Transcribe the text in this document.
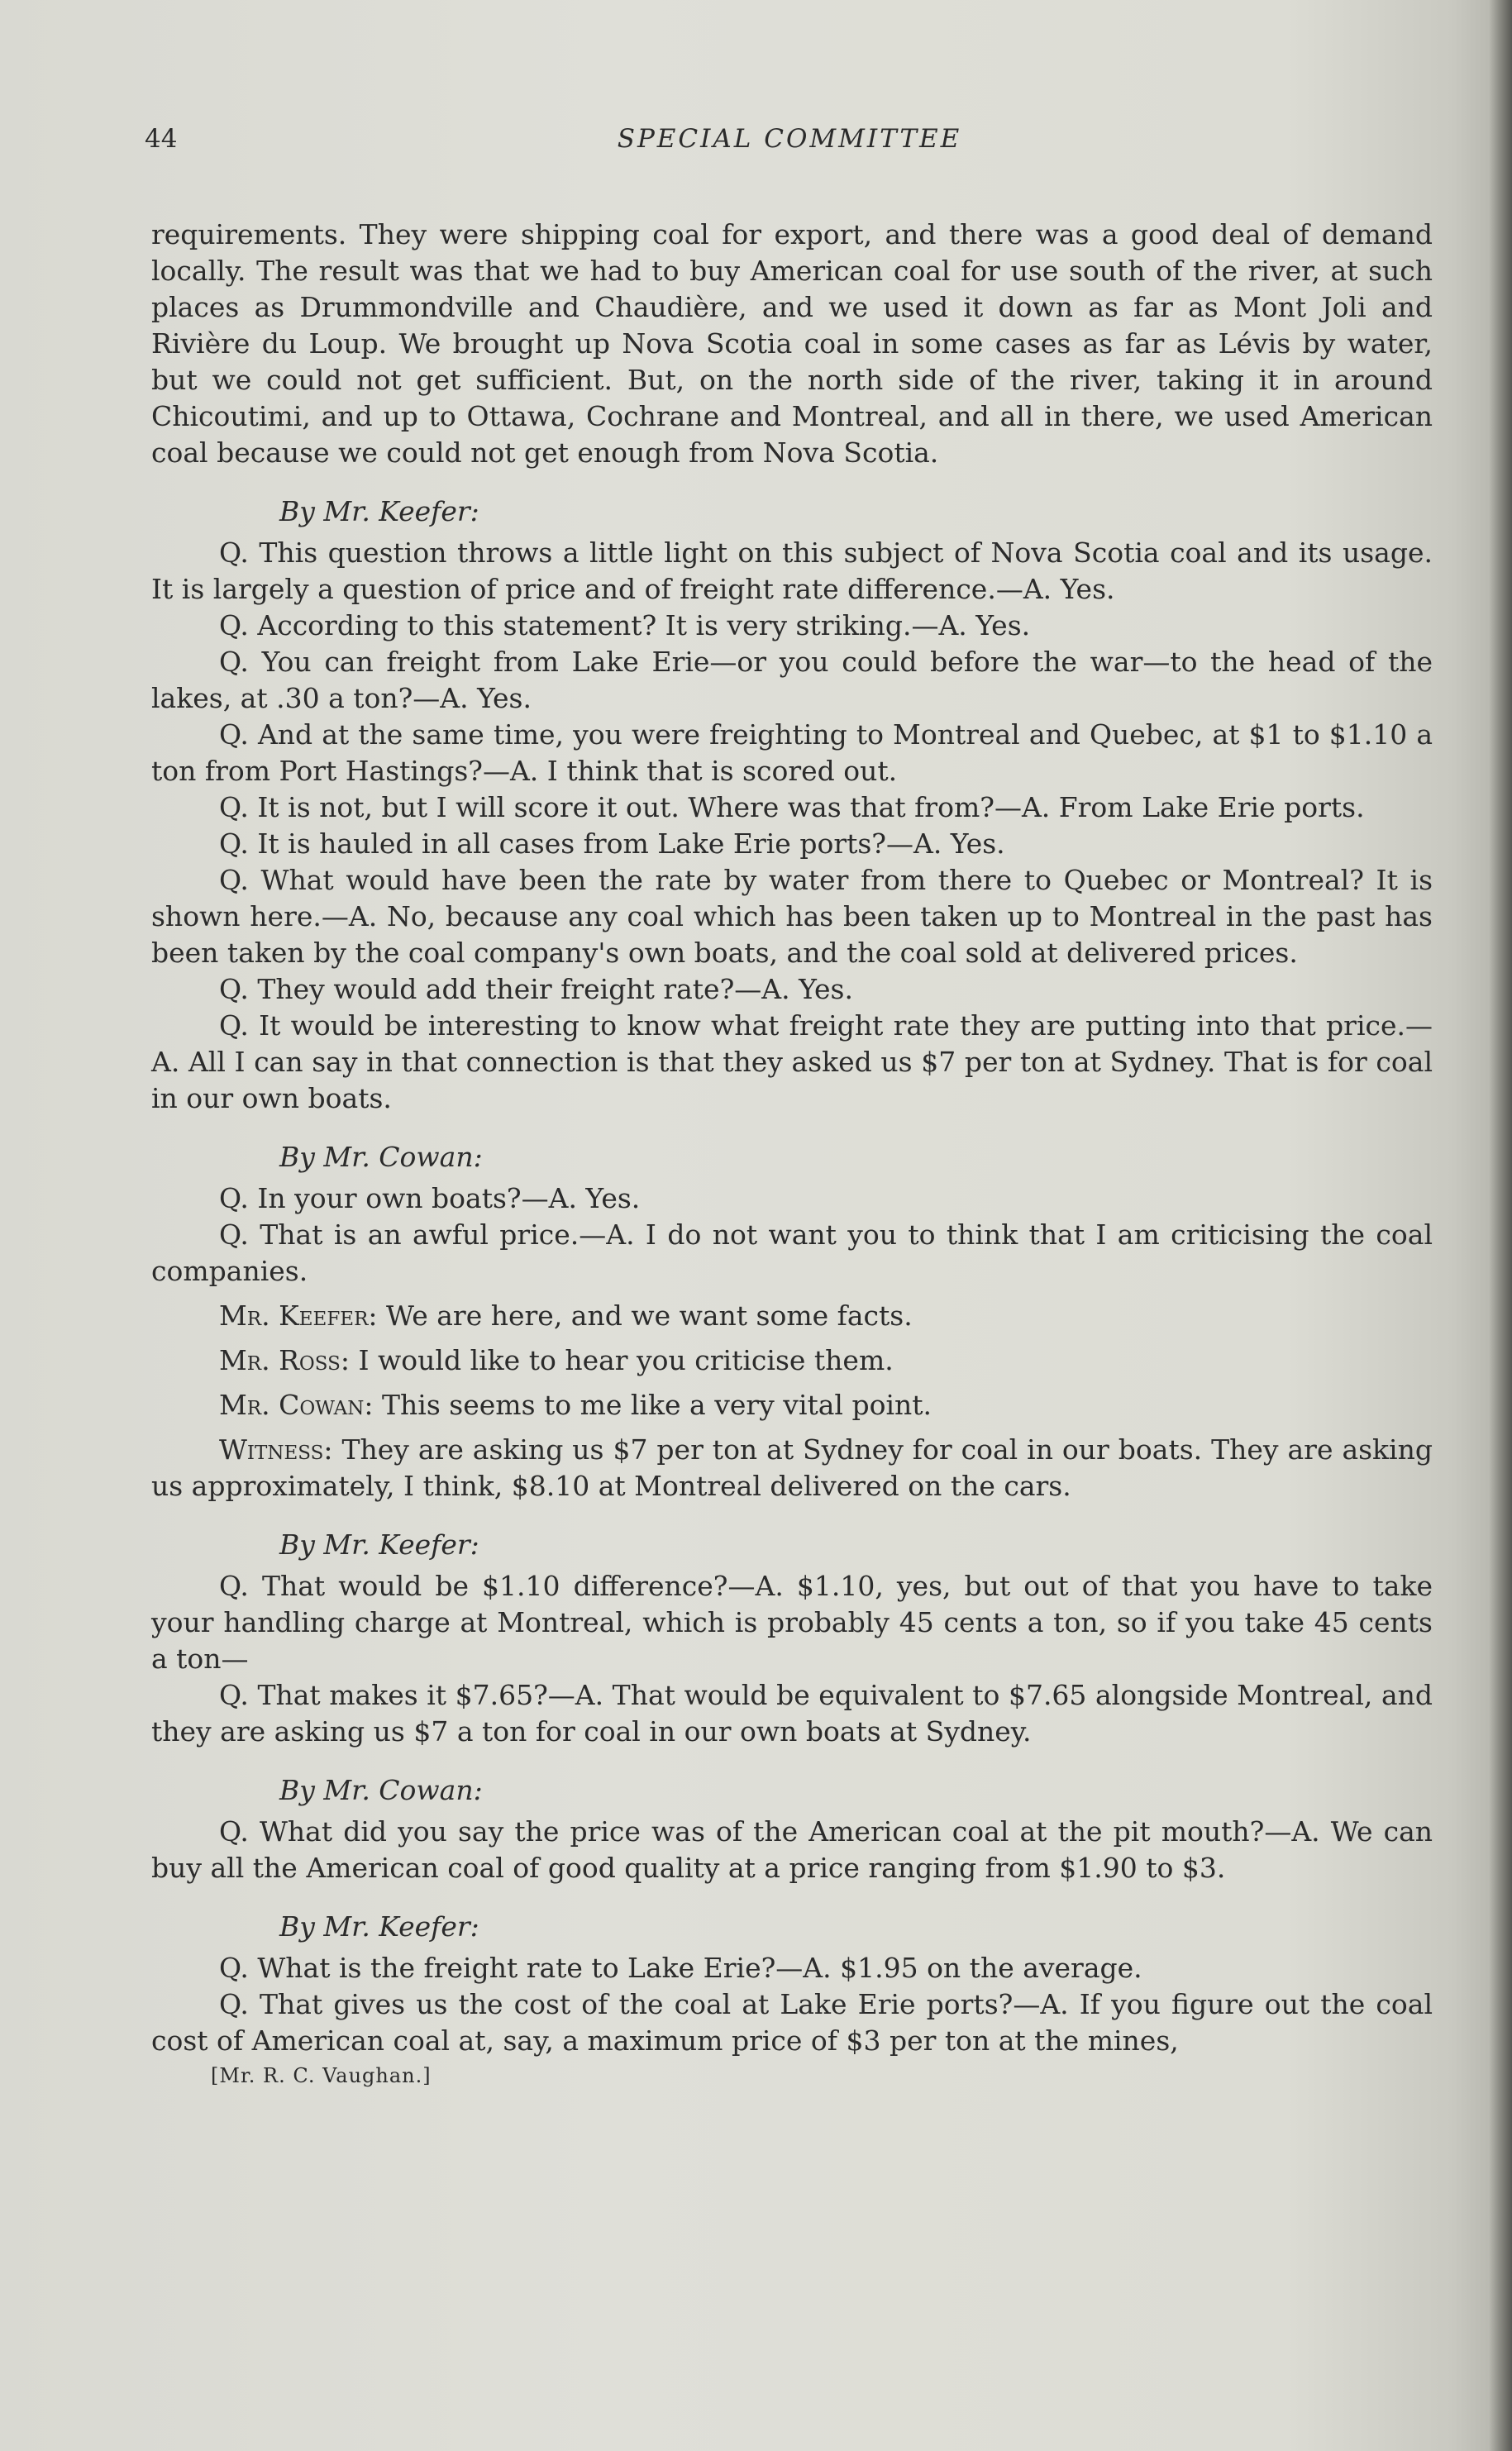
44	SPECIAL COMMITTEE

requirements. They were shipping coal for export, and there was a good deal of demand locally. The result was that we had to buy American coal for use south of the river, at such places as Drummondville and Chaudière, and we used it down as far as Mont Joli and Rivière du Loup. We brought up Nova Scotia coal in some cases as far as Lévis by water, but we could not get sufficient. But, on the north side of the river, taking it in around Chicoutimi, and up to Ottawa, Cochrane and Montreal, and all in there, we used American coal because we could not get enough from Nova Scotia.

By Mr. Keefer:

Q. This question throws a little light on this subject of Nova Scotia coal and its usage. It is largely a question of price and of freight rate difference.—A. Yes.

Q. According to this statement? It is very striking.—A. Yes.

Q. You can freight from Lake Erie—or you could before the war—to the head of the lakes, at .30 a ton?—A. Yes.

Q. And at the same time, you were freighting to Montreal and Quebec, at $1 to $1.10 a ton from Port Hastings?—A. I think that is scored out.

Q. It is not, but I will score it out. Where was that from?—A. From Lake Erie ports.

Q. It is hauled in all cases from Lake Erie ports?—A. Yes.

Q. What would have been the rate by water from there to Quebec or Montreal? It is shown here.—A. No, because any coal which has been taken up to Montreal in the past has been taken by the coal company's own boats, and the coal sold at delivered prices.

Q. They would add their freight rate?—A. Yes.

Q. It would be interesting to know what freight rate they are putting into that price.—A. All I can say in that connection is that they asked us $7 per ton at Sydney. That is for coal in our own boats.

By Mr. Cowan:

Q. In your own boats?—A. Yes.

Q. That is an awful price.—A. I do not want you to think that I am criticising the coal companies.

Mr. Keefer: We are here, and we want some facts.

Mr. Ross: I would like to hear you criticise them.

Mr. Cowan: This seems to me like a very vital point.

Witness: They are asking us $7 per ton at Sydney for coal in our boats. They are asking us approximately, I think, $8.10 at Montreal delivered on the cars.

By Mr. Keefer:

Q. That would be $1.10 difference?—A. $1.10, yes, but out of that you have to take your handling charge at Montreal, which is probably 45 cents a ton, so if you take 45 cents a ton—

Q. That makes it $7.65?—A. That would be equivalent to $7.65 alongside Montreal, and they are asking us $7 a ton for coal in our own boats at Sydney.

By Mr. Cowan:

Q. What did you say the price was of the American coal at the pit mouth?—A. We can buy all the American coal of good quality at a price ranging from $1.90 to $3.

By Mr. Keefer:

Q. What is the freight rate to Lake Erie?—A. $1.95 on the average.

Q. That gives us the cost of the coal at Lake Erie ports?—A. If you figure out the coal cost of American coal at, say, a maximum price of $3 per ton at the mines,

[Mr. R. C. Vaughan.]
